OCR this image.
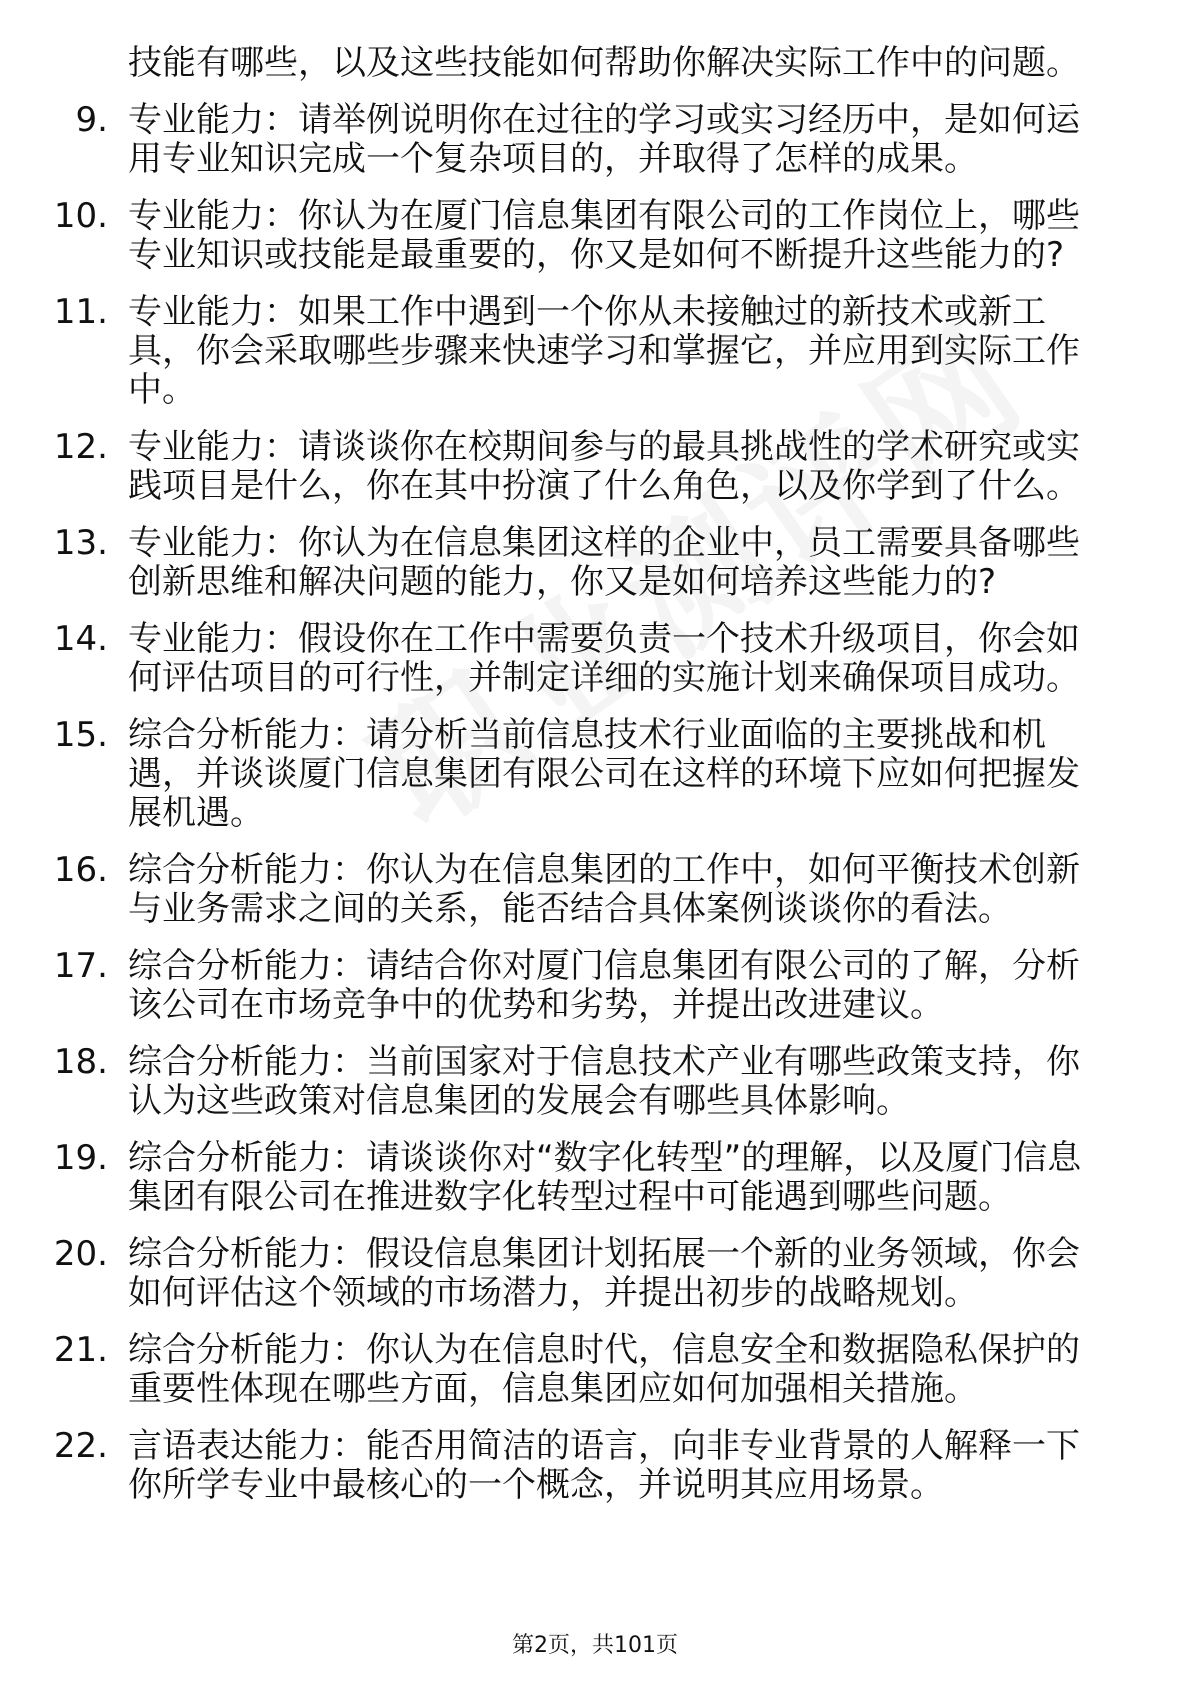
技能有哪些，以及这些技能如何帮助你解决实际工作中的问题。
9. 专业能力：请举例说明你在过往的学习或实习经历中，是如何运用专业知识完成一个复杂项目的，并取得了怎样的成果。
10. 专业能力：你认为在厦门信息集团有限公司的工作岗位上，哪些专业知识或技能是最重要的，你又是如何不断提升这些能力的?
11. 专业能力：如果工作中遇到一个你从未接触过的新技术或新工具，你会采取哪些步骤来快速学习和掌握它，并应用到实际工作中。
12. 专业能力：请谈谈你在校期间参与的最具挑战性的学术研究或实践项目是什么，你在其中扮演了什么角色，以及你学到了什么。
13. 专业能力：你认为在信息集团这样的企业中，员工需要具备哪些创新思维和解决问题的能力，你又是如何培养这些能力的?
14. 专业能力：假设你在工作中需要负责一个技术升级项目，你会如何评估项目的可行性，并制定详细的实施计划来确保项目成功。
15. 综合分析能力：请分析当前信息技术行业面临的主要挑战和机遇，并谈谈厦门信息集团有限公司在这样的环境下应如何把握发展机遇。
16. 综合分析能力：你认为在信息集团的工作中，如何平衡技术创新与业务需求之间的关系，能否结合具体案例谈谈你的看法。
17. 综合分析能力：请结合你对厦门信息集团有限公司的了解，分析该公司在市场竞争中的优势和劣势，并提出改进建议。
18. 综合分析能力：当前国家对于信息技术产业有哪些政策支持，你认为这些政策对信息集团的发展会有哪些具体影响。
19. 综合分析能力：请谈谈你对“数字化转型”的理解，以及厦门信息集团有限公司在推进数字化转型过程中可能遇到哪些问题。
20. 综合分析能力：假设信息集团计划拓展一个新的业务领域，你会如何评估这个领域的市场潜力，并提出初步的战略规划。
21. 综合分析能力：你认为在信息时代，信息安全和数据隐私保护的重要性体现在哪些方面，信息集团应如何加强相关措施。
22. 言语表达能力：能否用简洁的语言，向非专业背景的人解释一下你所学专业中最核心的一个概念，并说明其应用场景。
第2页，共101页
